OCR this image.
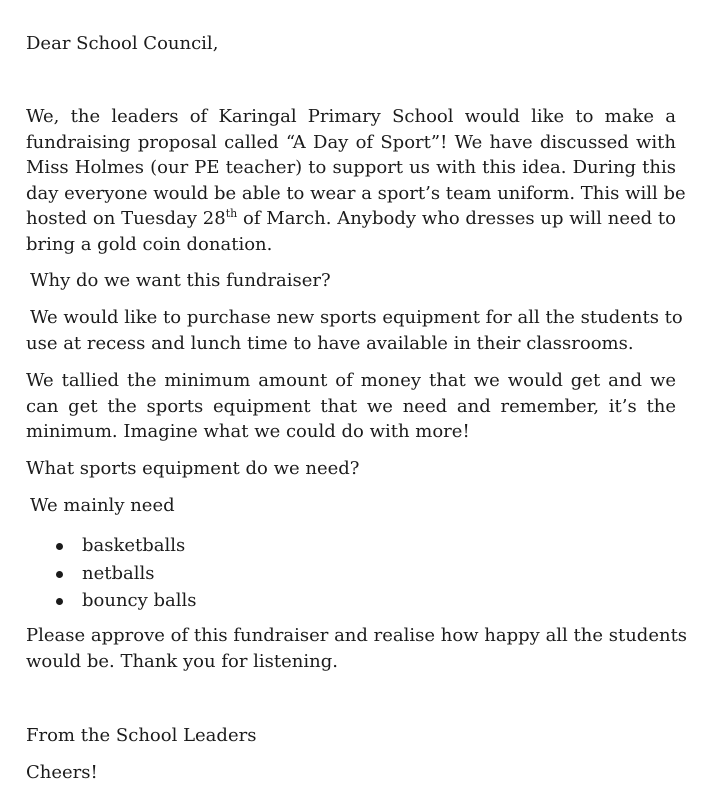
Dear School Council,
We, the leaders of Karingal Primary School would like to make a
fundraising proposal called “A Day of Sport”! We have discussed with
Miss Holmes (our PE teacher) to support us with this idea. During this
day everyone would be able to wear a sport’s team uniform. This will be
hosted on Tuesday 28th of March. Anybody who dresses up will need to
bring a gold coin donation.
Why do we want this fundraiser?
We would like to purchase new sports equipment for all the students to
use at recess and lunch time to have available in their classrooms.
We tallied the minimum amount of money that we would get and we
can get the sports equipment that we need and remember, it’s the
minimum. Imagine what we could do with more!
What sports equipment do we need?
We mainly need
basketballs
netballs
bouncy balls
Please approve of this fundraiser and realise how happy all the students
would be. Thank you for listening.
From the School Leaders
Cheers!
